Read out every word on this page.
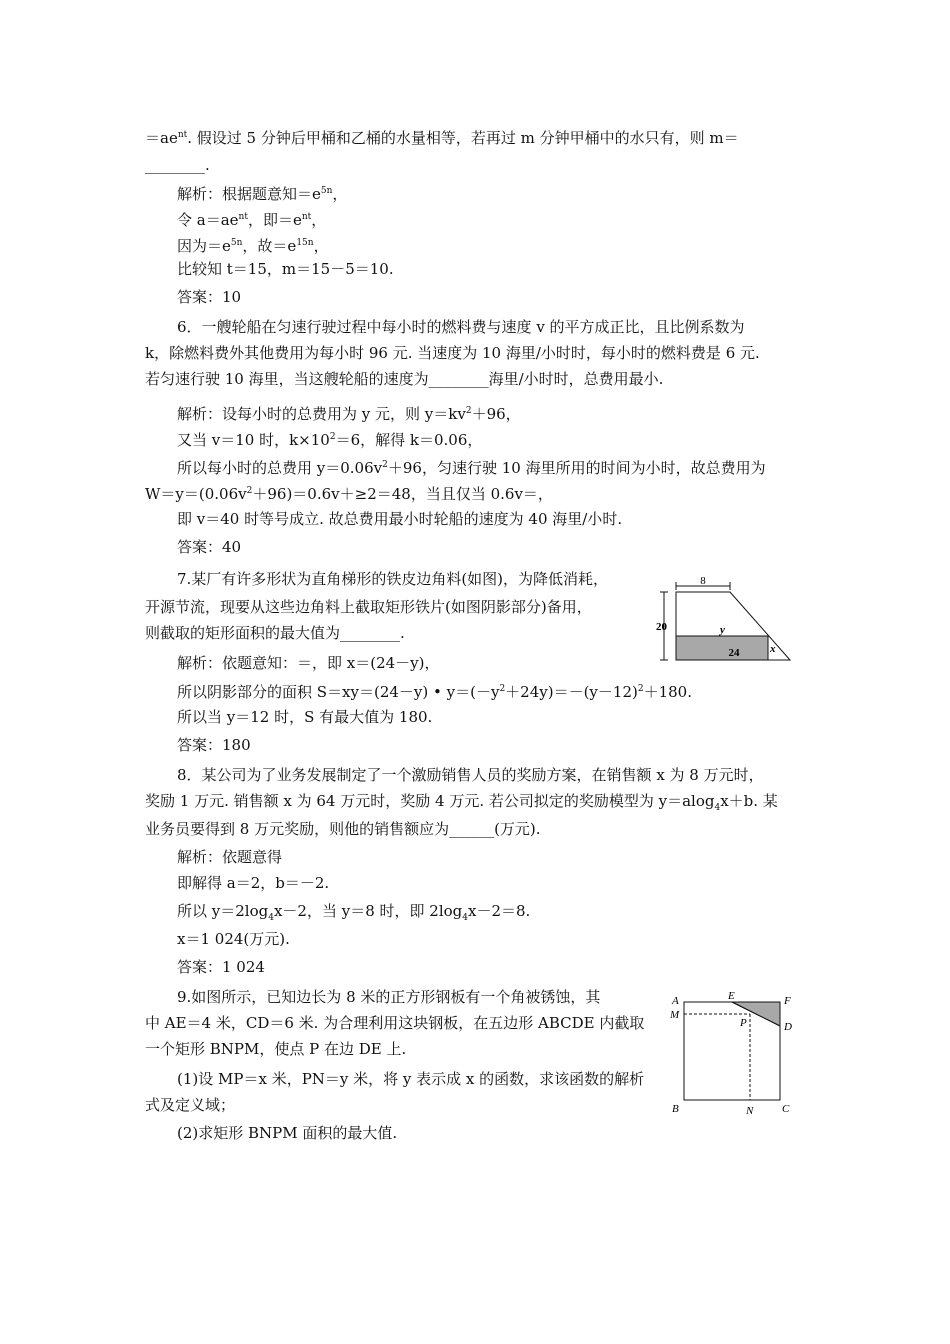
$=ae^{nt}$. 假设过 5 分钟后甲桶和乙桶的水量相等，若再过 m 分钟甲桶中的水只有，则 m＝
________.
解析：根据题意知$=e^{5n}$，
令 $a=ae^{nt}$，即$=e^{nt}$，
因为$=e^{5n}$，故$=e^{15n}$，
比较知 t＝15，m＝15－5＝10.
答案：10
6．一艘轮船在匀速行驶过程中每小时的燃料费与速度 v 的平方成正比，且比例系数为
k，除燃料费外其他费用为每小时 96 元. 当速度为 10 海里/小时时，每小时的燃料费是 6 元.
若匀速行驶 10 海里，当这艘轮船的速度为________海里/小时时，总费用最小.
解析：设每小时的总费用为 y 元，则 $y=kv^2+96$，
又当 v＝10 时，$k\times 10^2=6$，解得 k＝0.06，
所以每小时的总费用 $y=0.06v^2+96$，匀速行驶 10 海里所用的时间为小时，故总费用为
$W=y=(0.06v^2+96)=0.6v+\ge 2=48$，当且仅当 0.6v＝，
即 v＝40 时等号成立. 故总费用最小时轮船的速度为 40 海里/小时.
答案：40
7.某厂有许多形状为直角梯形的铁皮边角料(如图)，为降低消耗，
开源节流，现要从这些边角料上截取矩形铁片(如图阴影部分)备用，
则截取的矩形面积的最大值为________.
解析：依题意知：＝，即 x＝(24－y)，
所以阴影部分的面积 S＝xy＝(24－y) • $y=(-y^2+24y)=-(y-12)^2+180$.
所以当 y＝12 时，S 有最大值为 180.
答案：180
8
20	y
x
24
8．某公司为了业务发展制定了一个激励销售人员的奖励方案，在销售额 x 为 8 万元时，
奖励 1 万元. 销售额 x 为 64 万元时，奖励 4 万元. 若公司拟定的奖励模型为 y＝alog$_4$x＋b. 某
业务员要得到 8 万元奖励，则他的销售额应为______(万元).
解析：依题意得
即解得 a＝2，b＝－2.
所以 $y=2\log_4x-2$，当 y＝8 时，即 $2\log_4x-2=8$.
x＝1 024(万元).
答案：1 024
9.如图所示，已知边长为 8 米的正方形钢板有一个角被锈蚀，其
中 AE＝4 米，CD＝6 米. 为合理利用这块钢板，在五边形 ABCDE 内截取
一个矩形 BNPM，使点 P 在边 DE 上.
(1)设 MP＝x 米，PN＝y 米，将 y 表示成 x 的函数，求该函数的解析
式及定义域；
(2)求矩形 BNPM 面积的最大值.
A	E	F
M
P	D
B	N	C
